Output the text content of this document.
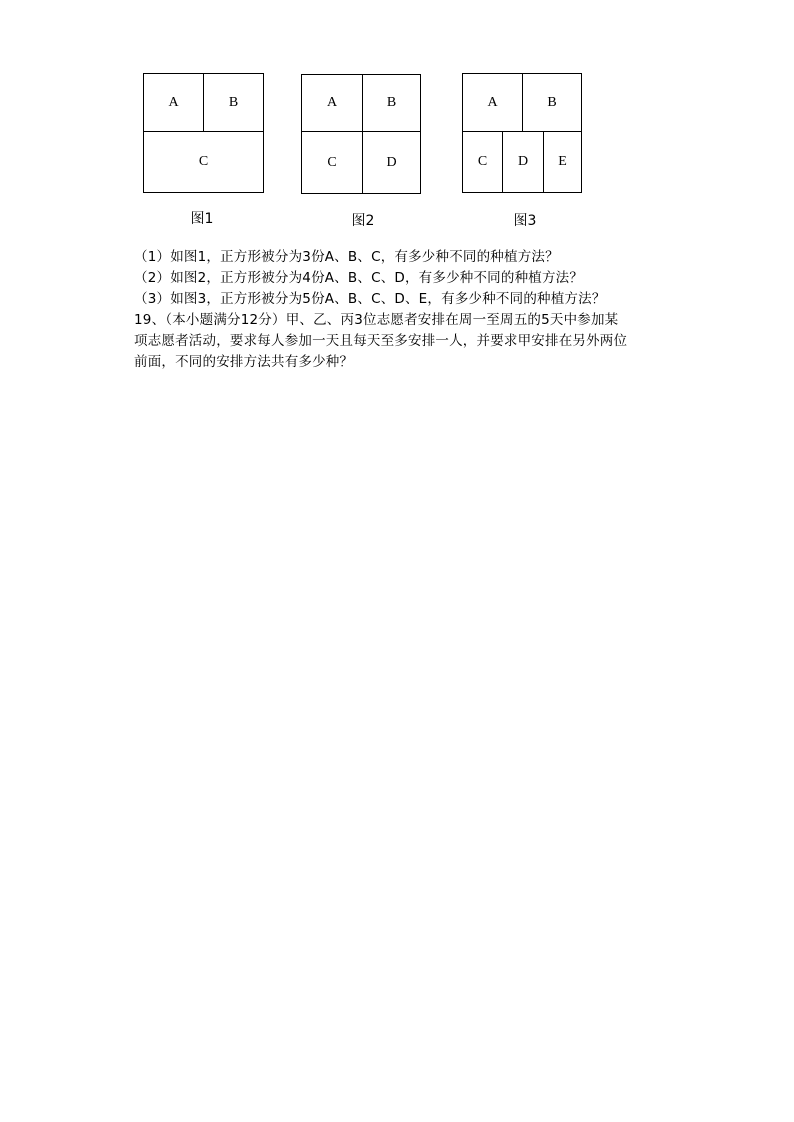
A	B
C
图1
A	B
C	D
图2
A	B
C	D	E
图3
（1）如图1，正方形被分为3份A、B、C，有多少种不同的种植方法？
（2）如图2，正方形被分为4份A、B、C、D，有多少种不同的种植方法？
（3）如图3，正方形被分为5份A、B、C、D、E，有多少种不同的种植方法？
19、（本小题满分12分）甲、乙、丙3位志愿者安排在周一至周五的5天中参加某
项志愿者活动，要求每人参加一天且每天至多安排一人，并要求甲安排在另外两位
前面，不同的安排方法共有多少种？
